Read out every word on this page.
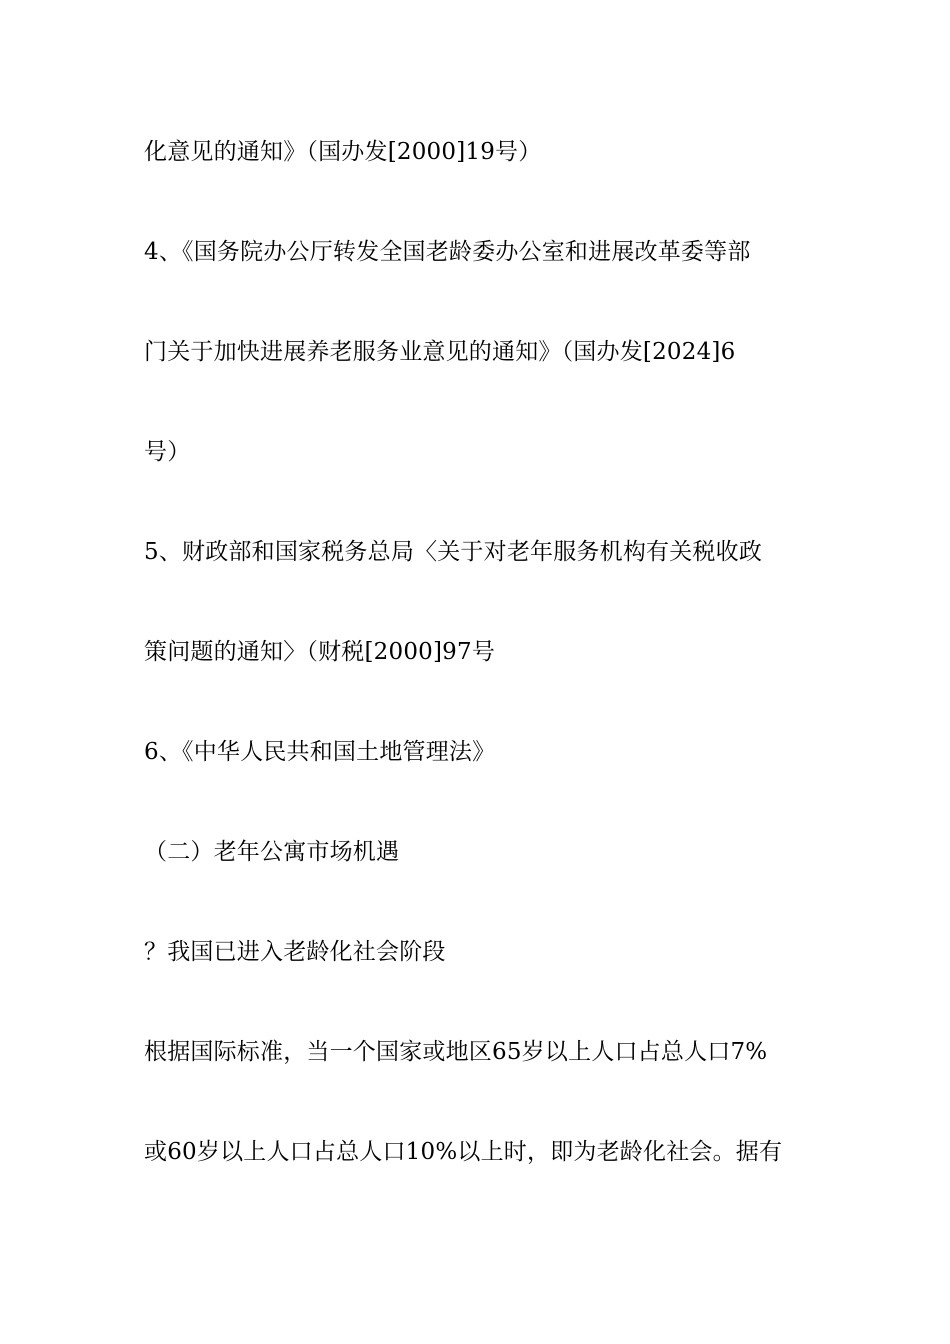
化意见的通知》（国办发[2000]19号）
4、《国务院办公厅转发全国老龄委办公室和进展改革委等部
门关于加快进展养老服务业意见的通知》（国办发[2024]6
号）
5、财政部和国家税务总局〈关于对老年服务机构有关税收政
策问题的通知〉（财税[2000]97号
6、《中华人民共和国土地管理法》
（二）老年公寓市场机遇
？我国已进入老龄化社会阶段
根据国际标准，当一个国家或地区65岁以上人口占总人口7%
或60岁以上人口占总人口10%以上时，即为老龄化社会。据有
